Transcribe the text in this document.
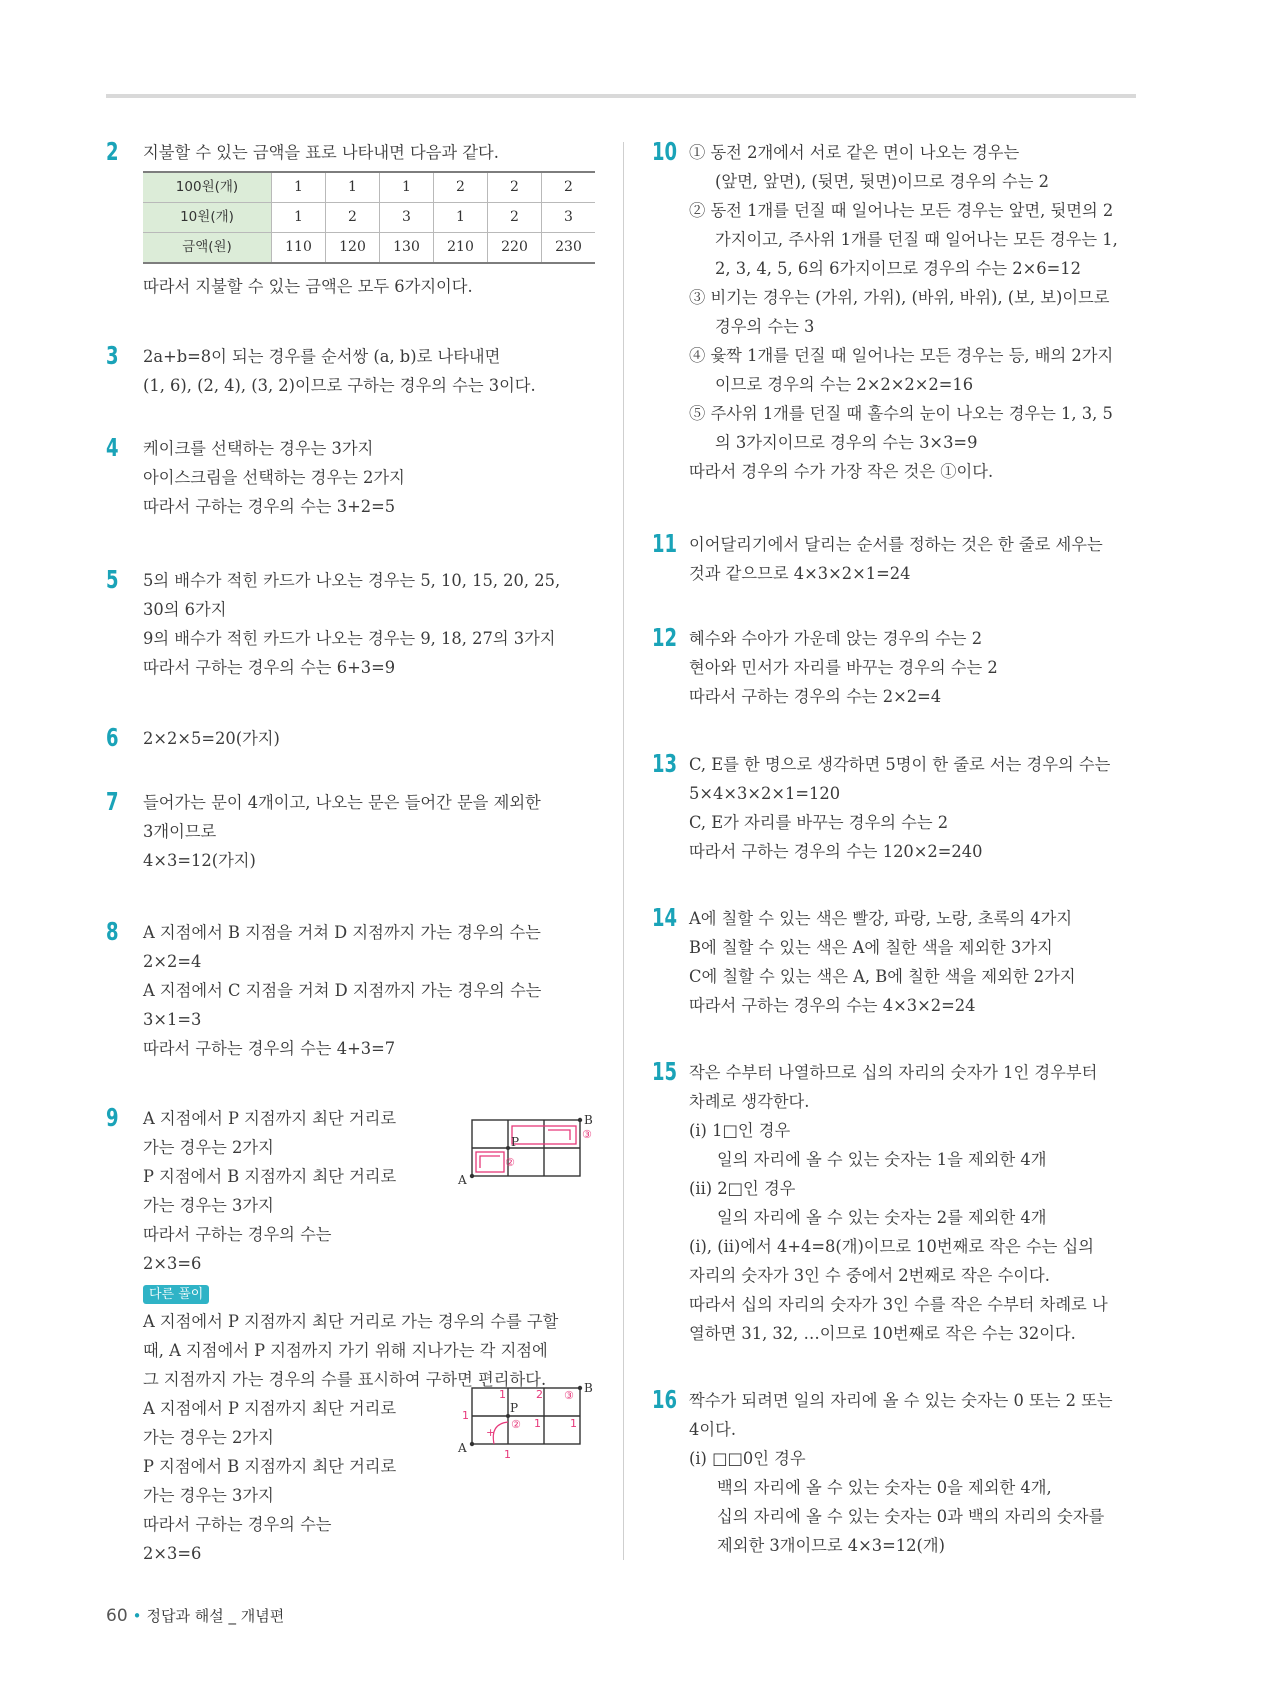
2 지불할 수 있는 금액을 표로 나타내면 다음과 같다.

100원(개)	1	1	1	2	2	2
10원(개)	1	2	3	1	2	3
금액(원)	110	120	130	210	220	230

따라서 지불할 수 있는 금액은 모두 6가지이다.

3 2a+b=8이 되는 경우를 순서쌍 (a, b)로 나타내면

(1, 6), (2, 4), (3, 2)이므로 구하는 경우의 수는 3이다.

4 케이크를 선택하는 경우는 3가지

아이스크림을 선택하는 경우는 2가지

따라서 구하는 경우의 수는 3+2=5

5 5의 배수가 적힌 카드가 나오는 경우는 5, 10, 15, 20, 25,

30의 6가지

9의 배수가 적힌 카드가 나오는 경우는 9, 18, 27의 3가지

따라서 구하는 경우의 수는 6+3=9

6 2×2×5=20(가지)

7 들어가는 문이 4개이고, 나오는 문은 들어간 문을 제외한

3개이므로

4×3=12(가지)

8 A 지점에서 B 지점을 거쳐 D 지점까지 가는 경우의 수는

2×2=4

A 지점에서 C 지점을 거쳐 D 지점까지 가는 경우의 수는

3×1=3

따라서 구하는 경우의 수는 4+3=7

9 A 지점에서 P 지점까지 최단 거리로

가는 경우는 2가지

P 지점에서 B 지점까지 최단 거리로

가는 경우는 3가지

따라서 구하는 경우의 수는

2×3=6

다른 풀이

A 지점에서 P 지점까지 최단 거리로 가는 경우의 수를 구할

때, A 지점에서 P 지점까지 가기 위해 지나가는 각 지점에

그 지점까지 가는 경우의 수를 표시하여 구하면 편리하다.

A 지점에서 P 지점까지 최단 거리로

가는 경우는 2가지

P 지점에서 B 지점까지 최단 거리로

가는 경우는 3가지

따라서 구하는 경우의 수는

2×3=6

B
A
P
②
③
B
A
P
1	2 ③
1
② 1	1
+
1
10 ① 동전 2개에서 서로 같은 면이 나오는 경우는

(앞면, 앞면), (뒷면, 뒷면)이므로 경우의 수는 2

② 동전 1개를 던질 때 일어나는 모든 경우는 앞면, 뒷면의 2

가지이고, 주사위 1개를 던질 때 일어나는 모든 경우는 1,

2, 3, 4, 5, 6의 6가지이므로 경우의 수는 2×6=12

③ 비기는 경우는 (가위, 가위), (바위, 바위), (보, 보)이므로

경우의 수는 3

④ 윷짝 1개를 던질 때 일어나는 모든 경우는 등, 배의 2가지

이므로 경우의 수는 2×2×2×2=16

⑤ 주사위 1개를 던질 때 홀수의 눈이 나오는 경우는 1, 3, 5

의 3가지이므로 경우의 수는 3×3=9

따라서 경우의 수가 가장 작은 것은 ①이다.

11 이어달리기에서 달리는 순서를 정하는 것은 한 줄로 세우는

것과 같으므로 4×3×2×1=24

12 혜수와 수아가 가운데 앉는 경우의 수는 2

현아와 민서가 자리를 바꾸는 경우의 수는 2

따라서 구하는 경우의 수는 2×2=4

13 C, E를 한 명으로 생각하면 5명이 한 줄로 서는 경우의 수는

5×4×3×2×1=120

C, E가 자리를 바꾸는 경우의 수는 2

따라서 구하는 경우의 수는 120×2=240

14 A에 칠할 수 있는 색은 빨강, 파랑, 노랑, 초록의 4가지

B에 칠할 수 있는 색은 A에 칠한 색을 제외한 3가지

C에 칠할 수 있는 색은 A, B에 칠한 색을 제외한 2가지

따라서 구하는 경우의 수는 4×3×2=24

15 작은 수부터 나열하므로 십의 자리의 숫자가 1인 경우부터

차례로 생각한다.

(ⅰ) 1□인 경우

일의 자리에 올 수 있는 숫자는 1을 제외한 4개

(ⅱ) 2□인 경우

일의 자리에 올 수 있는 숫자는 2를 제외한 4개

(ⅰ), (ⅱ)에서 4+4=8(개)이므로 10번째로 작은 수는 십의

자리의 숫자가 3인 수 중에서 2번째로 작은 수이다.

따라서 십의 자리의 숫자가 3인 수를 작은 수부터 차례로 나

열하면 31, 32, …이므로 10번째로 작은 수는 32이다.

16 짝수가 되려면 일의 자리에 올 수 있는 숫자는 0 또는 2 또는

4이다.

(ⅰ) □□0인 경우

백의 자리에 올 수 있는 숫자는 0을 제외한 4개,

십의 자리에 올 수 있는 숫자는 0과 백의 자리의 숫자를

제외한 3개이므로 4×3=12(개)

60 • 정답과 해설 _ 개념편
